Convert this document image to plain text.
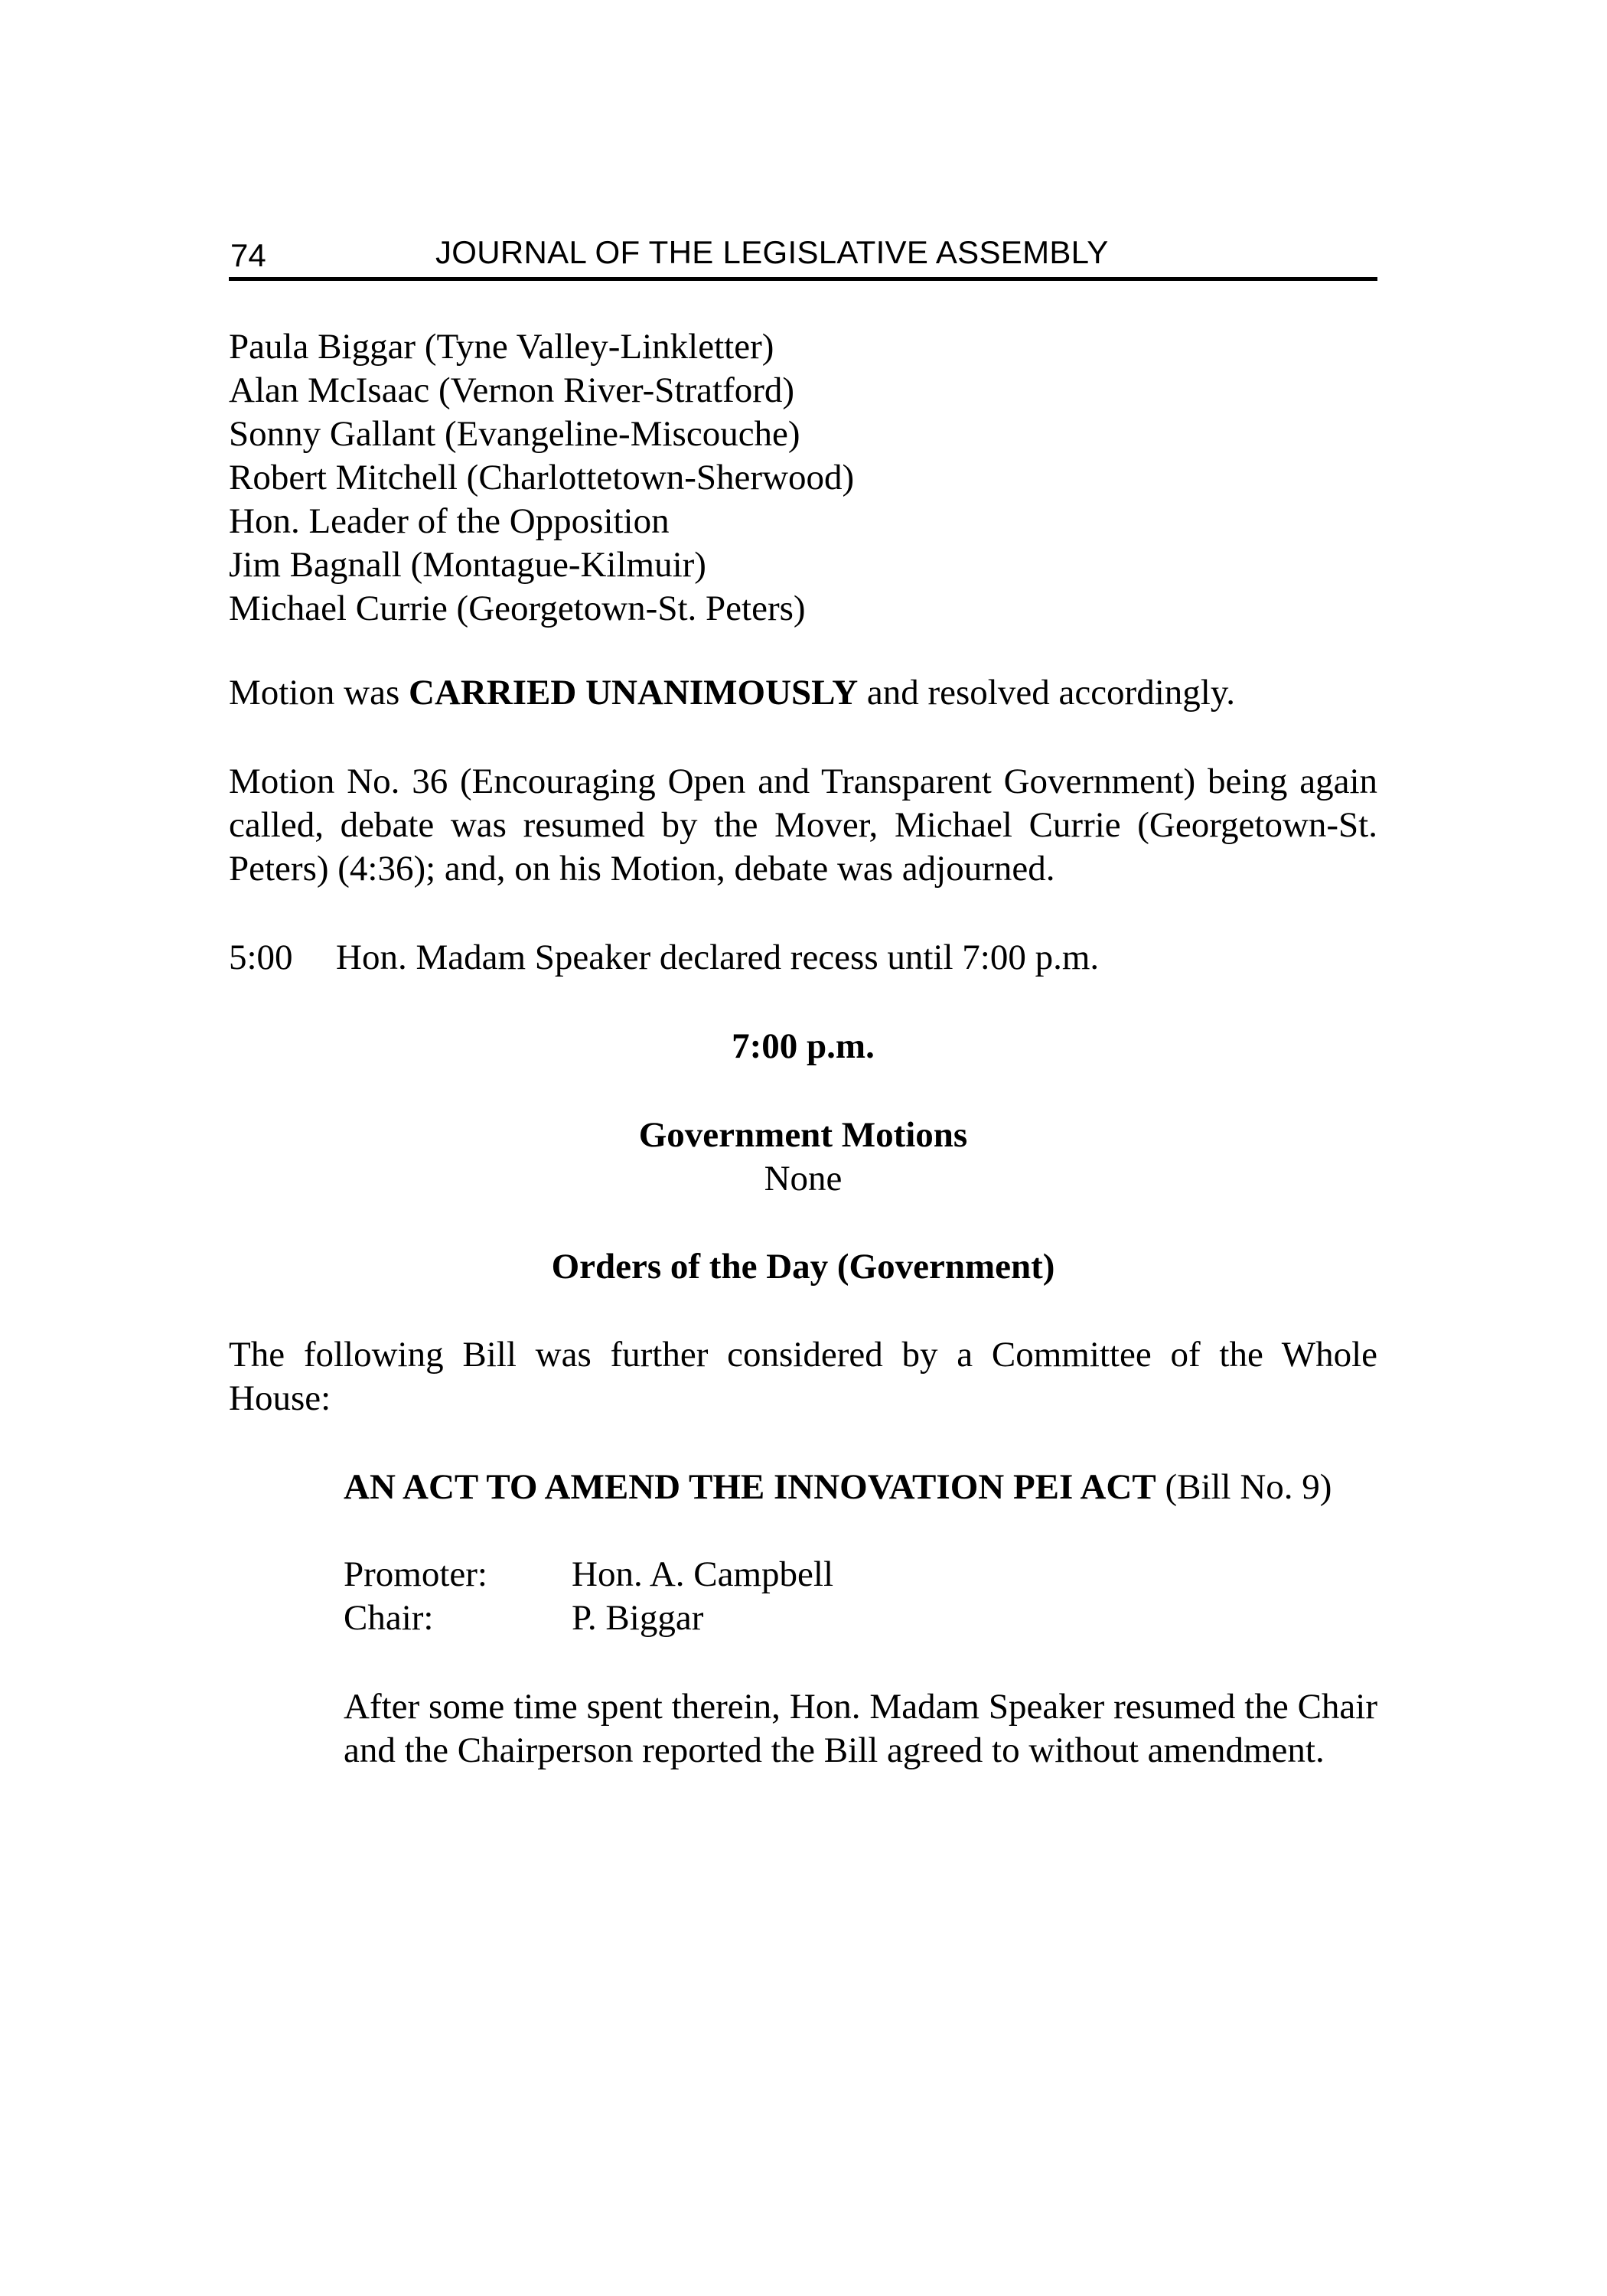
74	JOURNAL OF THE LEGISLATIVE ASSEMBLY
Paula Biggar (Tyne Valley-Linkletter)
Alan McIsaac (Vernon River-Stratford)
Sonny Gallant (Evangeline-Miscouche)
Robert Mitchell (Charlottetown-Sherwood)
Hon. Leader of the Opposition
Jim Bagnall (Montague-Kilmuir)
Michael Currie (Georgetown-St. Peters)
Motion was CARRIED UNANIMOUSLY and resolved accordingly.
Motion No. 36 (Encouraging Open and Transparent Government) being again called, debate was resumed by the Mover, Michael Currie (Georgetown-St. Peters) (4:36); and, on his Motion, debate was adjourned.
5:00 Hon. Madam Speaker declared recess until 7:00 p.m.
7:00 p.m.
Government Motions
None
Orders of the Day (Government)
The following Bill was further considered by a Committee of the Whole House:
AN ACT TO AMEND THE INNOVATION PEI ACT (Bill No. 9)
Promoter: Hon. A. Campbell
Chair:	P. Biggar
After some time spent therein, Hon. Madam Speaker resumed the Chair and the Chairperson reported the Bill agreed to without amendment.
